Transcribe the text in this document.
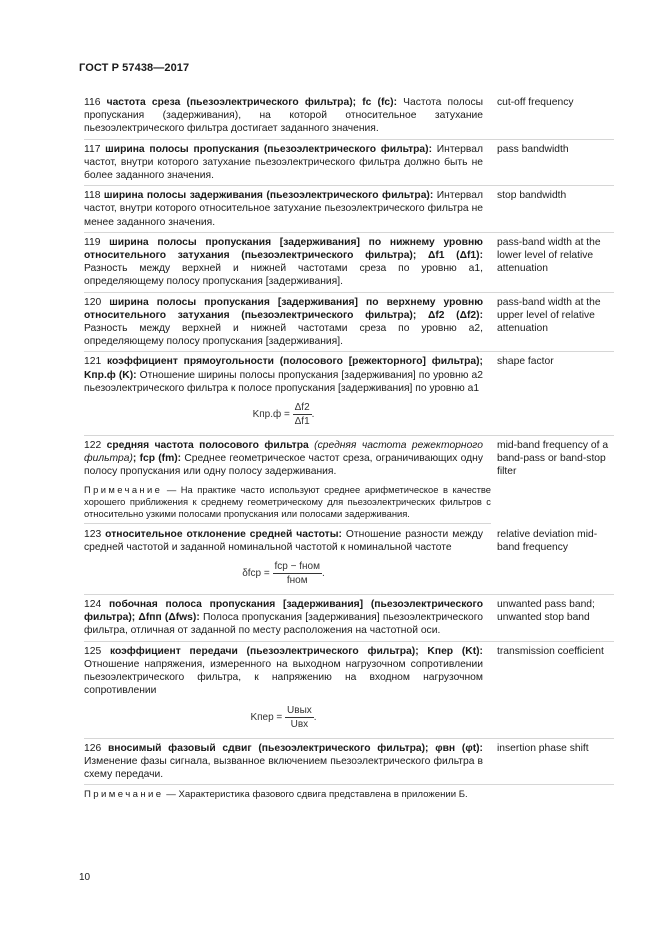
ГОСТ Р 57438—2017
116 частота среза (пьезоэлектрического фильтра); fc (fc): Частота полосы пропускания (задерживания), на которой относительное затухание пьезоэлектрического фильтра достигает заданного значения.
cut-off frequency
117 ширина полосы пропускания (пьезоэлектрического фильтра): Интервал частот, внутри которого затухание пьезоэлектрического фильтра должно быть не более заданного значения.
pass bandwidth
118 ширина полосы задерживания (пьезоэлектрического фильтра): Интервал частот, внутри которого относительное затухание пьезоэлектрического фильтра не менее заданного значения.
stop bandwidth
119 ширина полосы пропускания [задерживания] по нижнему уровню относительного затухания (пьезоэлектрического фильтра); Δf1 (Δf1): Разность между верхней и нижней частотами среза по уровню a1, определяющему полосу пропускания [задерживания].
pass-band width at the lower level of relative attenuation
120 ширина полосы пропускания [задерживания] по верхнему уровню относительного затухания (пьезоэлектрического фильтра); Δf2 (Δf2): Разность между верхней и нижней частотами среза по уровню a2, определяющему полосу пропускания [задерживания].
pass-band width at the upper level of relative attenuation
121 коэффициент прямоугольности (полосового [режекторного] фильтра); Kпр.ф (K): Отношение ширины полосы пропускания [задерживания] по уровню a2 пьезоэлектрического фильтра к полосе пропускания [задерживания] по уровню a1
$Kпр.ф = \frac{\Delta f2}{\Delta f1}$ .
shape factor
122 средняя частота полосового фильтра (средняя частота режекторного фильтра); fср (fm): Среднее геометрическое частот среза, ограничивающих одну полосу пропускания или одну полосу задерживания.
mid-band frequency of a band-pass or band-stop filter
Примечание — На практике часто используют среднее арифметическое в качестве хорошего приближения к среднему геометрическому для пьезоэлектрических фильтров с относительно узкими полосами пропускания или полосами задерживания.
123 относительное отклонение средней частоты: Отношение разности между средней частотой и заданной номинальной частотой к номинальной частоте
$\delta fср = \frac{\text{fср − fном}}{\text{fном}}$ .
relative deviation mid-band frequency
124 побочная полоса пропускания [задерживания] (пьезоэлектрического фильтра); Δfпп (Δfws): Полоса пропускания [задерживания] пьезоэлектрического фильтра, отличная от заданной по месту расположения на частотной оси.
unwanted pass band; unwanted stop band
125 коэффициент передачи (пьезоэлектрического фильтра); Kпер (Kt): Отношение напряжения, измеренного на выходном нагрузочном сопротивлении пьезоэлектрического фильтра, к напряжению на входном нагрузочном сопротивлении
Kпер = $\frac{\text{Uвых}}{\text{Uвх}}$ .
transmission coefficient
126 вносимый фазовый сдвиг (пьезоэлектрического фильтра); φвн (φt): Изменение фазы сигнала, вызванное включением пьезоэлектрического фильтра в схему передачи.
insertion phase shift
Примечание — Характеристика фазового сдвига представлена в приложении Б.
10
